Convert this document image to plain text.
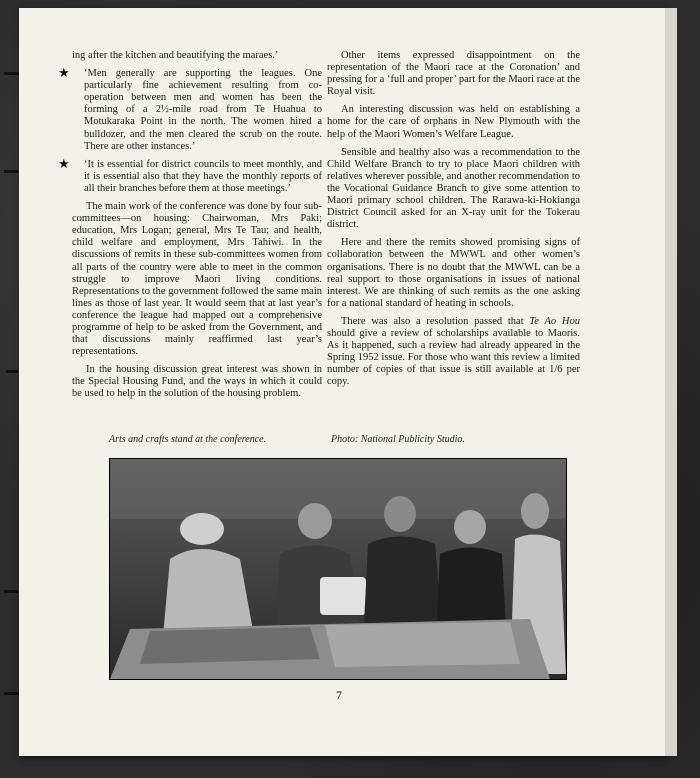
ing after the kitchen and beautifying the maraes.’

★ ‘Men generally are supporting the leagues. One particularly fine achievement resulting from co-operation between men and women has been the forming of a 2½-mile road from Te Huahua to Motukaraka Point in the north. The women hired a bulldozer, and the men cleared the scrub on the route. There are other instances.’

★ ‘It is essential for district councils to meet monthly, and it is essential also that they have the monthly reports of all their branches before them at those meetings.’

The main work of the conference was done by four sub-committees—on housing: Chairwoman, Mrs Paki; education, Mrs Logan; general, Mrs Te Tau; and health, child welfare and employment, Mrs Tahiwi. In the discussions of remits in these sub-committees women from all parts of the country were able to meet in the common struggle to improve Maori living conditions. Representations to the government followed the same main lines as those of last year. It would seem that at last year’s conference the league had mapped out a comprehensive programme of help to be asked from the Government, and that discussions mainly reaffirmed last year’s representations.

In the housing discussion great interest was shown in the Special Housing Fund, and the ways in which it could be used to help in the solution of the housing problem.

Other items expressed disappointment on the representation of the Maori race at the Coronation’ and pressing for a ‘full and proper’ part for the Maori race at the Royal visit.

An interesting discussion was held on establishing a home for the care of orphans in New Plymouth with the help of the Maori Women’s Welfare League.

Sensible and healthy also was a recommendation to the Child Welfare Branch to try to place Maori children with relatives wherever possible, and another recommendation to the Vocational Guidance Branch to give some attention to Maori primary school children. The Rarawa-ki-Hokianga District Council asked for an X-ray unit for the Tokerau district.

Here and there the remits showed promising signs of collaboration between the MWWL and other women’s organisations. There is no doubt that the MWWL can be a real support to those organisations in issues of national interest. We are thinking of such remits as the one asking for a national standard of heating in schools.

There was also a resolution passed that Te Ao Hou should give a review of scholarships available to Maoris. As it happened, such a review had already appeared in the Spring 1952 issue. For those who want this review a limited number of copies of that issue is still available at 1/6 per copy.

Arts and crafts stand at the conference.	Photo: National Publicity Studio.
7
